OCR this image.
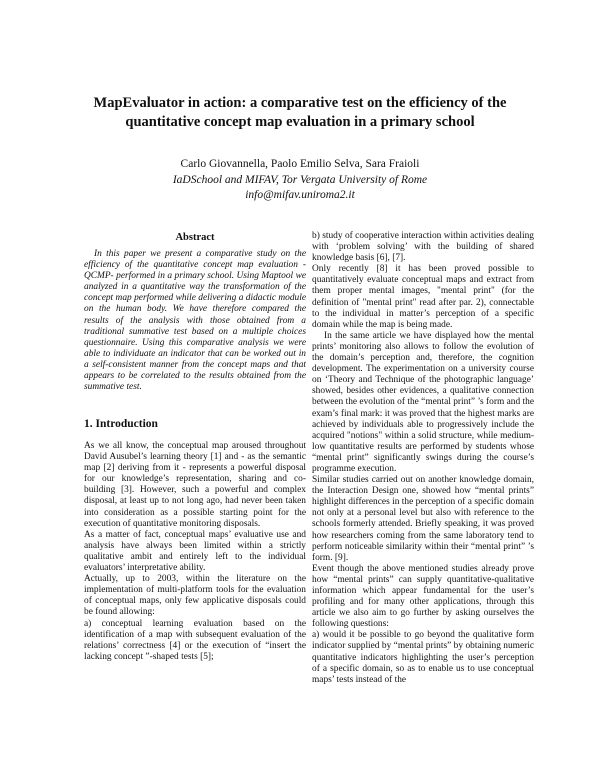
MapEvaluator in action: a comparative test on the efficiency of the
quantitative concept map evaluation in a primary school
Carlo Giovannella, Paolo Emilio Selva, Sara Fraioli
IaDSchool and MIFAV, Tor Vergata University of Rome
info@mifav.uniroma2.it
Abstract

In this paper we present a comparative study on the efficiency of the quantitative concept map evaluation - QCMP- performed in a primary school. Using Maptool we analyzed in a quantitative way the transformation of the concept map performed while delivering a didactic module on the human body. We have therefore compared the results of the analysis with those obtained from a traditional summative test based on a multiple choices questionnaire. Using this comparative analysis we were able to individuate an indicator that can be worked out in a self-consistent manner from the concept maps and that appears to be correlated to the results obtained from the summative test.

1. Introduction

As we all know, the conceptual map aroused throughout David Ausubel’s learning theory [1] and - as the semantic map [2] deriving from it - represents a powerful disposal for our knowledge’s representation, sharing and co-building [3]. However, such a powerful and complex disposal, at least up to not long ago, had never been taken into consideration as a possible starting point for the execution of quantitative monitoring disposals.

As a matter of fact, conceptual maps’ evaluative use and analysis have always been limited within a strictly qualitative ambit and entirely left to the individual evaluators’ interpretative ability.

Actually, up to 2003, within the literature on the implementation of multi-platform tools for the evaluation of conceptual maps, only few applicative disposals could be found allowing:

a) conceptual learning evaluation based on the identification of a map with subsequent evaluation of the relations’ correctness [4] or the execution of “insert the lacking concept ”-shaped tests [5];

b) study of cooperative interaction within activities dealing with ‘problem solving’ with the building of shared knowledge basis [6], [7].

Only recently [8] it has been proved possible to quantitatively evaluate conceptual maps and extract from them proper mental images, "mental print" (for the definition of "mental print" read after par. 2), connectable to the individual in matter’s perception of a specific domain while the map is being made.

In the same article we have displayed how the mental prints’ monitoring also allows to follow the evolution of the domain’s perception and, therefore, the cognition development. The experimentation on a university course on ‘Theory and Technique of the photographic language’ showed, besides other evidences, a qualitative connection between the evolution of the “mental print” ’s form and the exam’s final mark: it was proved that the highest marks are achieved by individuals able to progressively include the acquired "notions" within a solid structure, while medium-low quantitative results are performed by students whose “mental print” significantly swings during the course’s programme execution.

Similar studies carried out on another knowledge domain, the Interaction Design one, showed how “mental prints” highlight differences in the perception of a specific domain not only at a personal level but also with reference to the schools formerly attended. Briefly speaking, it was proved how researchers coming from the same laboratory tend to perform noticeable similarity within their “mental print” ’s form. [9].

Event though the above mentioned studies already prove how “mental prints” can supply quantitative-qualitative information which appear fundamental for the user’s profiling and for many other applications, through this article we also aim to go further by asking ourselves the following questions:

a) would it be possible to go beyond the qualitative form indicator supplied by “mental prints” by obtaining numeric quantitative indicators highlighting the user’s perception of a specific domain, so as to enable us to use conceptual maps’ tests instead of the
